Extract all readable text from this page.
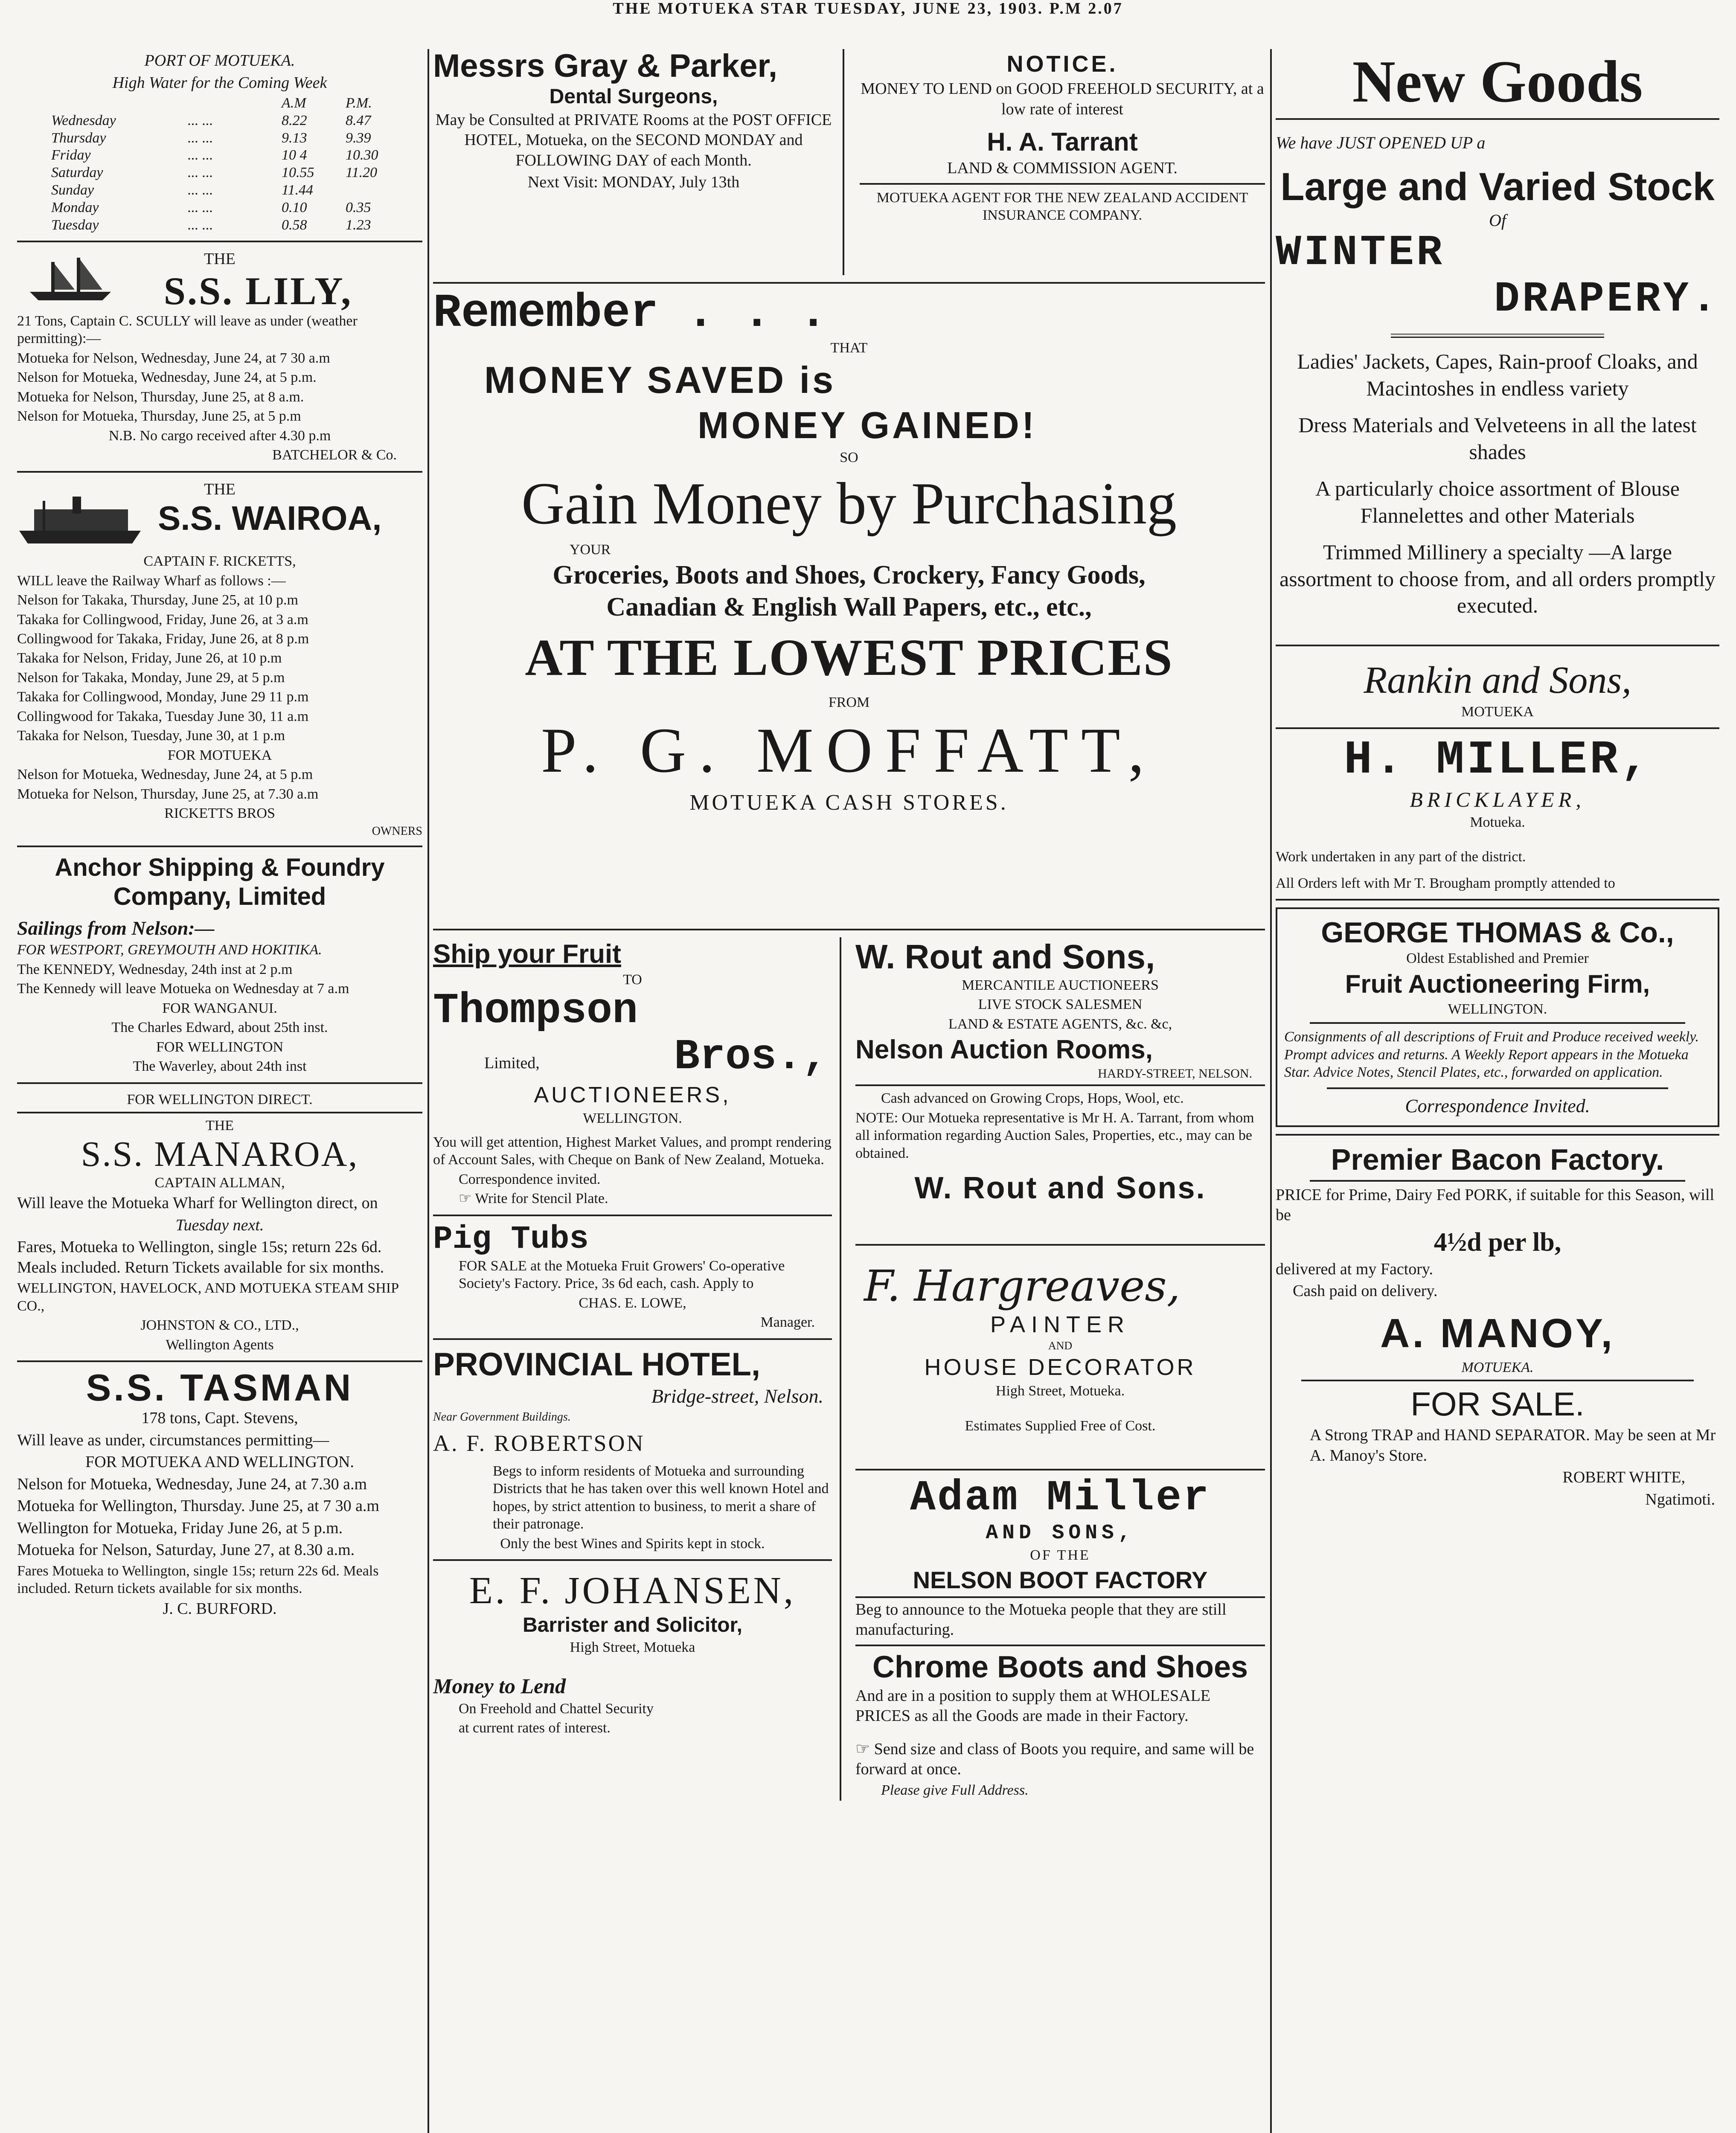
THE MOTUEKA STAR TUESDAY, JUNE 23, 1903. P.M 2.07

PORT OF MOTUEKA.

High Water for the Coming Week

A.M	P.M.
Wednesday	... ...	8.22	8.47
Thursday	... ...	9.13	9.39
Friday	... ...	10 4	10.30
Saturday	... ...	10.55	11.20
Sunday	... ...	11.44
Monday	... ...	0.10	0.35
Tuesday	... ...	0.58	1.23

THE

S.S. LILY,

21 Tons, Captain C. SCULLY will leave as under (weather permitting):—

Motueka for Nelson, Wednesday, June 24, at 7 30 a.m

Nelson for Motueka, Wednesday, June 24, at 5 p.m.

Motueka for Nelson, Thursday, June 25, at 8 a.m.

Nelson for Motueka, Thursday, June 25, at 5 p.m

N.B. No cargo received after 4.30 p.m

BATCHELOR & Co.

THE

S.S. WAIROA,

CAPTAIN F. RICKETTS,

WILL leave the Railway Wharf as follows :—

Nelson for Takaka, Thursday, June 25, at 10 p.m

Takaka for Collingwood, Friday, June 26, at 3 a.m

Collingwood for Takaka, Friday, June 26, at 8 p.m

Takaka for Nelson, Friday, June 26, at 10 p.m

Nelson for Takaka, Monday, June 29, at 5 p.m

Takaka for Collingwood, Monday, June 29 11 p.m

Collingwood for Takaka, Tuesday June 30, 11 a.m

Takaka for Nelson, Tuesday, June 30, at 1 p.m

FOR MOTUEKA

Nelson for Motueka, Wednesday, June 24, at 5 p.m

Motueka for Nelson, Thursday, June 25, at 7.30 a.m

RICKETTS BROS

OWNERS

Anchor Shipping & Foundry

Company, Limited

Sailings from Nelson:—

FOR WESTPORT, GREYMOUTH AND HOKITIKA.

The KENNEDY, Wednesday, 24th inst at 2 p.m

The Kennedy will leave Motueka on Wednesday at 7 a.m

FOR WANGANUI.

The Charles Edward, about 25th inst.

FOR WELLINGTON

The Waverley, about 24th inst

FOR WELLINGTON DIRECT.

THE

S.S. MANAROA,

CAPTAIN ALLMAN,

Will leave the Motueka Wharf for Wellington direct, on

Tuesday next.

Fares, Motueka to Wellington, single 15s; return 22s 6d. Meals included. Return Tickets available for six months.

WELLINGTON, HAVELOCK, AND MOTUEKA STEAM SHIP CO.,

JOHNSTON & CO., LTD.,

Wellington Agents

S.S. TASMAN

178 tons, Capt. Stevens,

Will leave as under, circumstances permitting—

FOR MOTUEKA AND WELLINGTON.

Nelson for Motueka, Wednesday, June 24, at 7.30 a.m

Motueka for Wellington, Thursday. June 25, at 7 30 a.m

Wellington for Motueka, Friday June 26, at 5 p.m.

Motueka for Nelson, Saturday, June 27, at 8.30 a.m.

Fares Motueka to Wellington, single 15s; return 22s 6d. Meals included. Return tickets available for six months.

J. C. BURFORD.

Messrs Gray & Parker,

Dental Surgeons,

May be Consulted at PRIVATE Rooms at the POST OFFICE HOTEL, Motueka, on the SECOND MONDAY and FOLLOWING DAY of each Month.

Next Visit: MONDAY, July 13th

NOTICE.

MONEY TO LEND on GOOD FREEHOLD SECURITY, at a low rate of interest

H. A. Tarrant

LAND & COMMISSION AGENT.

MOTUEKA AGENT FOR THE NEW ZEALAND ACCIDENT INSURANCE COMPANY.

Remember . . .

THAT

MONEY SAVED is

MONEY GAINED!

SO

Gain Money by Purchasing

YOUR

Groceries, Boots and Shoes, Crockery, Fancy Goods,

Canadian & English Wall Papers, etc., etc.,

AT THE LOWEST PRICES

FROM

P. G. MOFFATT,

MOTUEKA CASH STORES.

Ship your Fruit

TO

Thompson

Limited,	Bros.,

AUCTIONEERS,

WELLINGTON.

You will get attention, Highest Market Values, and prompt rendering of Account Sales, with Cheque on Bank of New Zealand, Motueka.

Correspondence invited.

☞ Write for Stencil Plate.

Pig Tubs

FOR SALE at the Motueka Fruit Growers' Co-operative Society's Factory. Price, 3s 6d each, cash. Apply to

CHAS. E. LOWE,

Manager.

PROVINCIAL HOTEL,

Bridge-street, Nelson.

Near Government Buildings.

A. F. ROBERTSON

Begs to inform residents of Motueka and surrounding Districts that he has taken over this well known Hotel and hopes, by strict attention to business, to merit a share of their patronage.

Only the best Wines and Spirits kept in stock.

E. F. JOHANSEN,

Barrister and Solicitor,

High Street, Motueka

Money to Lend

On Freehold and Chattel Security

at current rates of interest.

W. Rout and Sons,

MERCANTILE AUCTIONEERS

LIVE STOCK SALESMEN

LAND & ESTATE AGENTS, &c. &c,

Nelson Auction Rooms,

HARDY-STREET, NELSON.

Cash advanced on Growing Crops, Hops, Wool, etc.

NOTE: Our Motueka representative is Mr H. A. Tarrant, from whom all information regarding Auction Sales, Properties, etc., may can be obtained.

W. Rout and Sons.

F. Hargreaves,

PAINTER

AND

HOUSE DECORATOR

High Street, Motueka.

Estimates Supplied Free of Cost.

Adam Miller

AND SONS,

OF THE

NELSON BOOT FACTORY

Beg to announce to the Motueka people that they are still manufacturing.

Chrome Boots and Shoes

And are in a position to supply them at WHOLESALE PRICES as all the Goods are made in their Factory.

☞ Send size and class of Boots you require, and same will be forward at once.

Please give Full Address.

New Goods

We have JUST OPENED UP a

Large and Varied Stock

Of

WINTER

DRAPERY.

Ladies' Jackets, Capes, Rain-proof Cloaks, and Macintoshes in endless variety

Dress Materials and Velveteens in all the latest shades

A particularly choice assortment of Blouse Flannelettes and other Materials

Trimmed Millinery a specialty —A large assortment to choose from, and all orders promptly executed.

Rankin and Sons,

MOTUEKA

H. MILLER,

BRICKLAYER,

Motueka.

Work undertaken in any part of the district.

All Orders left with Mr T. Brougham promptly attended to

GEORGE THOMAS & Co.,

Oldest Established and Premier

Fruit Auctioneering Firm,

WELLINGTON.

Consignments of all descriptions of Fruit and Produce received weekly. Prompt advices and returns. A Weekly Report appears in the Motueka Star. Advice Notes, Stencil Plates, etc., forwarded on application.

Correspondence Invited.

Premier Bacon Factory.

PRICE for Prime, Dairy Fed PORK, if suitable for this Season, will be

4½d per lb,

delivered at my Factory.

Cash paid on delivery.

A. MANOY,

MOTUEKA.

FOR SALE.

A Strong TRAP and HAND SEPARATOR. May be seen at Mr A. Manoy's Store.

ROBERT WHITE,

Ngatimoti.
